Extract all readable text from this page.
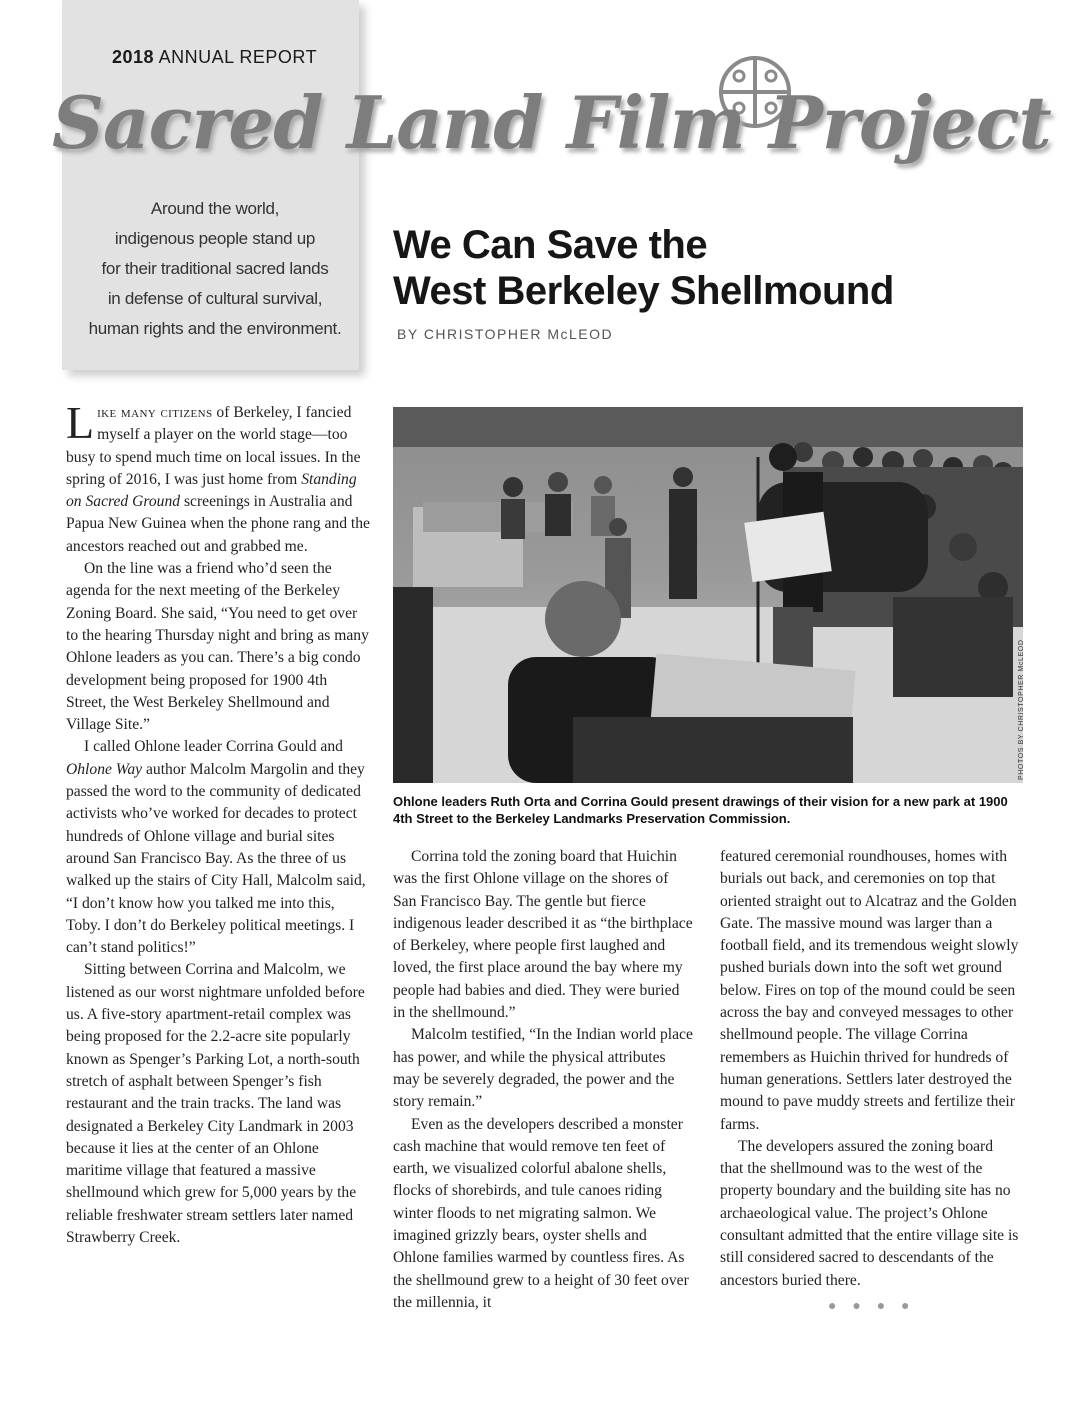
2018 ANNUAL REPORT
Sacred Land Film Project
Around the world,
indigenous people stand up
for their traditional sacred lands
in defense of cultural survival,
human rights and the environment.
We Can Save the
West Berkeley Shellmound
BY CHRISTOPHER McLEOD

Like many citizens of Berkeley, I fancied myself a player on the world stage—too busy to spend much time on local issues. In the spring of 2016, I was just home from Standing on Sacred Ground screenings in Australia and Papua New Guinea when the phone rang and the ancestors reached out and grabbed me.

On the line was a friend who’d seen the agenda for the next meeting of the Berkeley Zoning Board. She said, “You need to get over to the hearing Thursday night and bring as many Ohlone leaders as you can. There’s a big condo development being proposed for 1900 4th Street, the West Berkeley Shellmound and Village Site.”

I called Ohlone leader Corrina Gould and Ohlone Way author Malcolm Margolin and they passed the word to the community of dedicated activists who’ve worked for decades to protect hundreds of Ohlone village and burial sites around San Francisco Bay. As the three of us walked up the stairs of City Hall, Malcolm said, “I don’t know how you talked me into this, Toby. I don’t do Berkeley political meetings. I can’t stand politics!”

Sitting between Corrina and Malcolm, we listened as our worst nightmare unfolded before us. A five-story apartment-retail complex was being proposed for the 2.2-acre site popularly known as Spenger’s Parking Lot, a north-south stretch of asphalt between Spenger’s fish restaurant and the train tracks. The land was designated a Berkeley City Landmark in 2003 because it lies at the center of an Ohlone maritime village that featured a massive shellmound which grew for 5,000 years by the reliable freshwater stream settlers later named Strawberry Creek.

PHOTOS BY CHRISTOPHER McLEOD
Ohlone leaders Ruth Orta and Corrina Gould present drawings of their vision for a new park at 1900 4th Street to the Berkeley Landmarks Preservation Commission.

Corrina told the zoning board that Huichin was the first Ohlone village on the shores of San Francisco Bay. The gentle but fierce indigenous leader described it as “the birthplace of Berkeley, where people first laughed and loved, the first place around the bay where my people had babies and died. They were buried in the shellmound.”

Malcolm testified, “In the Indian world place has power, and while the physical attributes may be severely degraded, the power and the story remain.”

Even as the developers described a monster cash machine that would remove ten feet of earth, we visualized colorful abalone shells, flocks of shorebirds, and tule canoes riding winter floods to net migrating salmon. We imagined grizzly bears, oyster shells and Ohlone families warmed by countless fires. As the shellmound grew to a height of 30 feet over the millennia, it

featured ceremonial roundhouses, homes with burials out back, and ceremonies on top that oriented straight out to Alcatraz and the Golden Gate. The massive mound was larger than a football field, and its tremendous weight slowly pushed burials down into the soft wet ground below. Fires on top of the mound could be seen across the bay and conveyed messages to other shellmound people. The village Corrina remembers as Huichin thrived for hundreds of human generations. Settlers later destroyed the mound to pave muddy streets and fertilize their farms.

The developers assured the zoning board that the shellmound was to the west of the property boundary and the building site has no archaeological value. The project’s Ohlone consultant admitted that the entire village site is still considered sacred to descendants of the ancestors buried there.

● ● ● ●
